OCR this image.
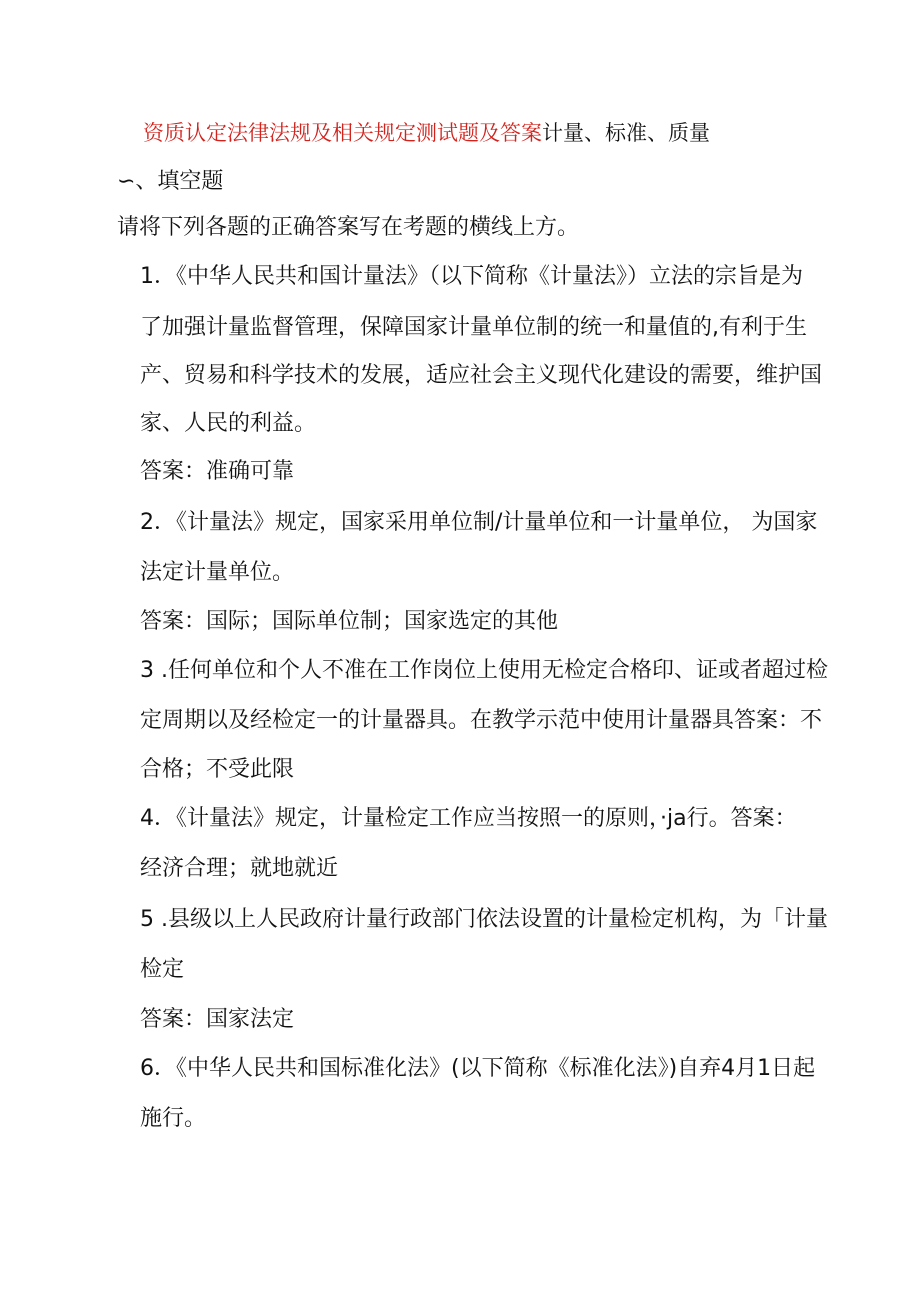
资质认定法律法规及相关规定测试题及答案计量、标准、质量
∽、填空题
请将下列各题的正确答案写在考题的横线上方。
1．《中华人民共和国计量法》（以下简称《计量法》）立法的宗旨是为
了加强计量监督管理，保障国家计量单位制的统一和量值的,有利于生
产、贸易和科学技术的发展，适应社会主义现代化建设的需要，维护国
家、人民的利益。
答案：准确可靠
2．《计量法》规定，国家采用单位制/计量单位和一计量单位， 为国家
法定计量单位。
答案：国际；国际单位制；国家选定的其他
3 .任何单位和个人不准在工作岗位上使用无检定合格印、证或者超过检
定周期以及经检定一的计量器具。在教学示范中使用计量器具答案：不
合格；不受此限
4．《计量法》规定，计量检定工作应当按照一的原则，·ja行。答案：
经济合理；就地就近
5 .县级以上人民政府计量行政部门依法设置的计量检定机构，为「计量
检定
答案：国家法定
6．《中华人民共和国标准化法》(以下简称《标准化法》)自弃4月1日起
施行。
